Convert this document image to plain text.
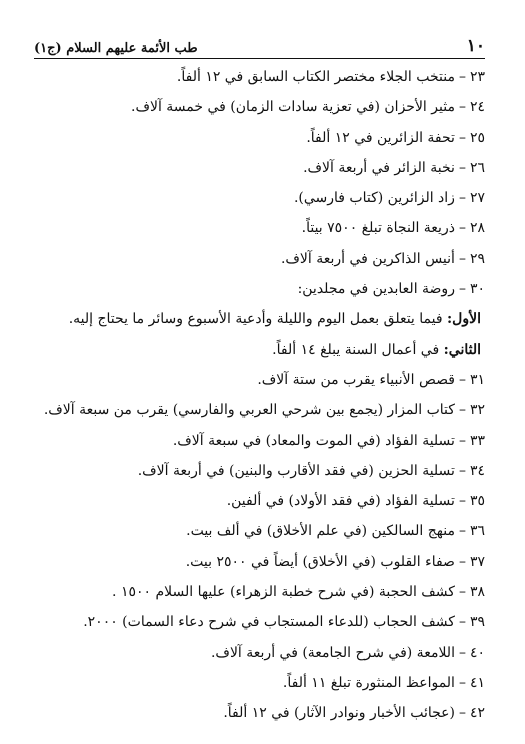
١٠
طب الأئمة عليهم السلام (ج١)
٢٣–منتخب الجلاء مختصر الكتاب السابق في ١٢ ألفاً.
٢٤–مثير الأحزان (في تعزية سادات الزمان) في خمسة آلاف.
٢٥–تحفة الزائرين في ١٢ ألفاً.
٢٦–نخبة الزائر في أربعة آلاف.
٢٧–زاد الزائرين (كتاب فارسي).
٢٨–ذريعة النجاة تبلغ ٧٥٠٠ بيتاً.
٢٩–أنيس الذاكرين في أربعة آلاف.
٣٠–روضة العابدين في مجلدين:
الأول: فيما يتعلق بعمل اليوم والليلة وأدعية الأسبوع وسائر ما يحتاج إليه.
الثاني: في أعمال السنة يبلغ ١٤ ألفاً.
٣١–قصص الأنبياء يقرب من ستة آلاف.
٣٢–كتاب المزار (يجمع بين شرحي العربي والفارسي) يقرب من سبعة آلاف.
٣٣–تسلية الفؤاد (في الموت والمعاد) في سبعة آلاف.
٣٤–تسلية الحزين (في فقد الأقارب والبنين) في أربعة آلاف.
٣٥–تسلية الفؤاد (في فقد الأولاد) في ألفين.
٣٦–منهج السالكين (في علم الأخلاق) في ألف بيت.
٣٧–صفاء القلوب (في الأخلاق) أيضاً في ٢٥٠٠ بيت.
٣٨–كشف الحجبة (في شرح خطبة الزهراء) عليها السلام ١٥٠٠ .
٣٩–كشف الحجاب (للدعاء المستجاب في شرح دعاء السمات) ٢٠٠٠.
٤٠–اللامعة (في شرح الجامعة) في أربعة آلاف.
٤١–المواعظ المنثورة تبلغ ١١ ألفاً.
٤٢–(عجائب الأخبار ونوادر الآثار) في ١٢ ألفاً.
